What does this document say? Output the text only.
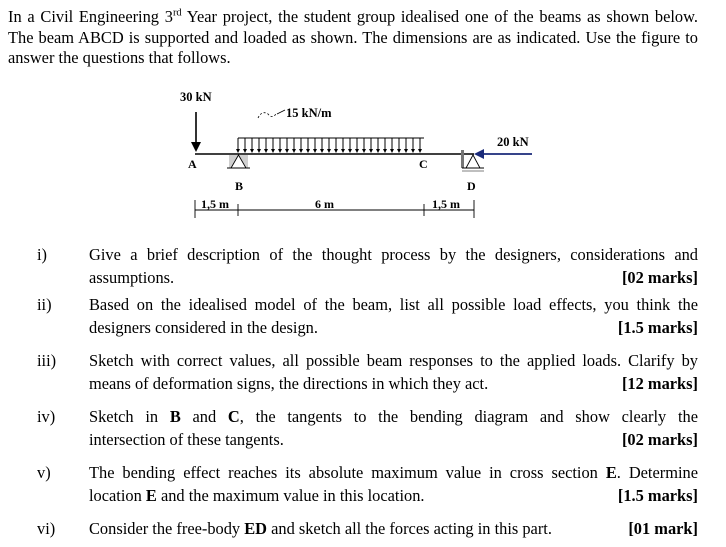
In a Civil Engineering 3rd Year project, the student group idealised one of the beams as shown below. The beam ABCD is supported and loaded as shown. The dimensions are as indicated. Use the figure to answer the questions that follows.
30 kN
15 kN/m
20 kN
A
B
C
D
1,5 m	6 m	1,5 m
i)	Give a brief description of the thought process by the designers, considerations and
assumptions.	[02 marks]
ii) Based on the idealised model of the beam, list all possible load effects, you think the
designers considered in the design.	[1.5 marks]
iii) Sketch with correct values, all possible beam responses to the applied loads. Clarify by
means of deformation signs, the directions in which they act.	[12 marks]
iv) Sketch in B and C, the tangents to the bending diagram and show clearly the
intersection of these tangents.	[02 marks]
v) The bending effect reaches its absolute maximum value in cross section E. Determine
location E and the maximum value in this location.	[1.5 marks]
vi) Consider the free-body ED and sketch all the forces acting in this part.	[01 mark]
